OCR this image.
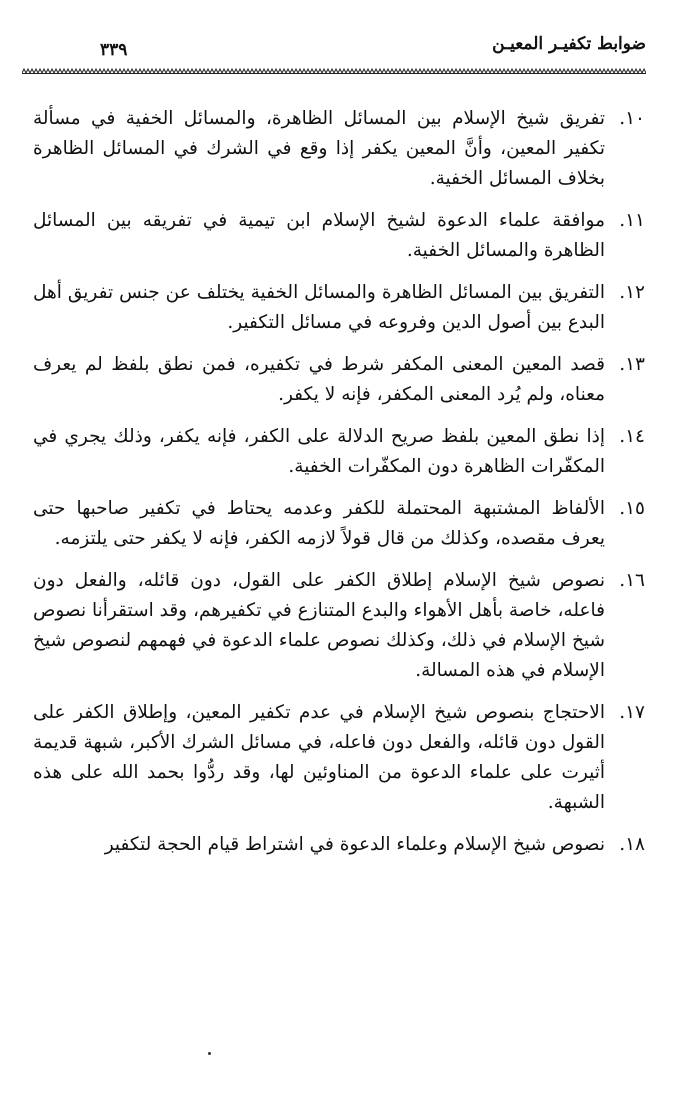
ضوابط تكفيـر المعيـن
٣٣٩
١٠.
تفريق شيخ الإسلام بين المسائل الظاهرة، والمسائل الخفية في مسألة تكفير المعين، وأنَّ المعين يكفر إذا وقع في الشرك في المسائل الظاهرة بخلاف المسائل الخفية.
١١.
موافقة علماء الدعوة لشيخ الإسلام ابن تيمية في تفريقه بين المسائل الظاهرة والمسائل الخفية.
١٢.
التفريق بين المسائل الظاهرة والمسائل الخفية يختلف عن جنس تفريق أهل البدع بين أصول الدين وفروعه في مسائل التكفير.
١٣.
قصد المعين المعنى المكفر شرط في تكفيره، فمن نطق بلفظ لم يعرف معناه، ولم يُرد المعنى المكفر، فإنه لا يكفر.
١٤.
إذا نطق المعين بلفظ صريح الدلالة على الكفر، فإنه يكفر، وذلك يجري في المكفّرات الظاهرة دون المكفّرات الخفية.
١٥.
الألفاظ المشتبهة المحتملة للكفر وعدمه يحتاط في تكفير صاحبها حتى يعرف مقصده، وكذلك من قال قولاً لازمه الكفر، فإنه لا يكفر حتى يلتزمه.
١٦.
نصوص شيخ الإسلام إطلاق الكفر على القول، دون قائله، والفعل دون فاعله، خاصة بأهل الأهواء والبدع المتنازع في تكفيرهم، وقد استقرأنا نصوص شيخ الإسلام في ذلك، وكذلك نصوص علماء الدعوة في فهمهم لنصوص شيخ الإسلام في هذه المسالة.
١٧.
الاحتجاج بنصوص شيخ الإسلام في عدم تكفير المعين، وإطلاق الكفر على القول دون قائله، والفعل دون فاعله، في مسائل الشرك الأكبر، شبهة قديمة أثيرت على علماء الدعوة من المناوئين لها، وقد ردُّوا بحمد الله على هذه الشبهة.
١٨.
نصوص شيخ الإسلام وعلماء الدعوة في اشتراط قيام الحجة لتكفير
